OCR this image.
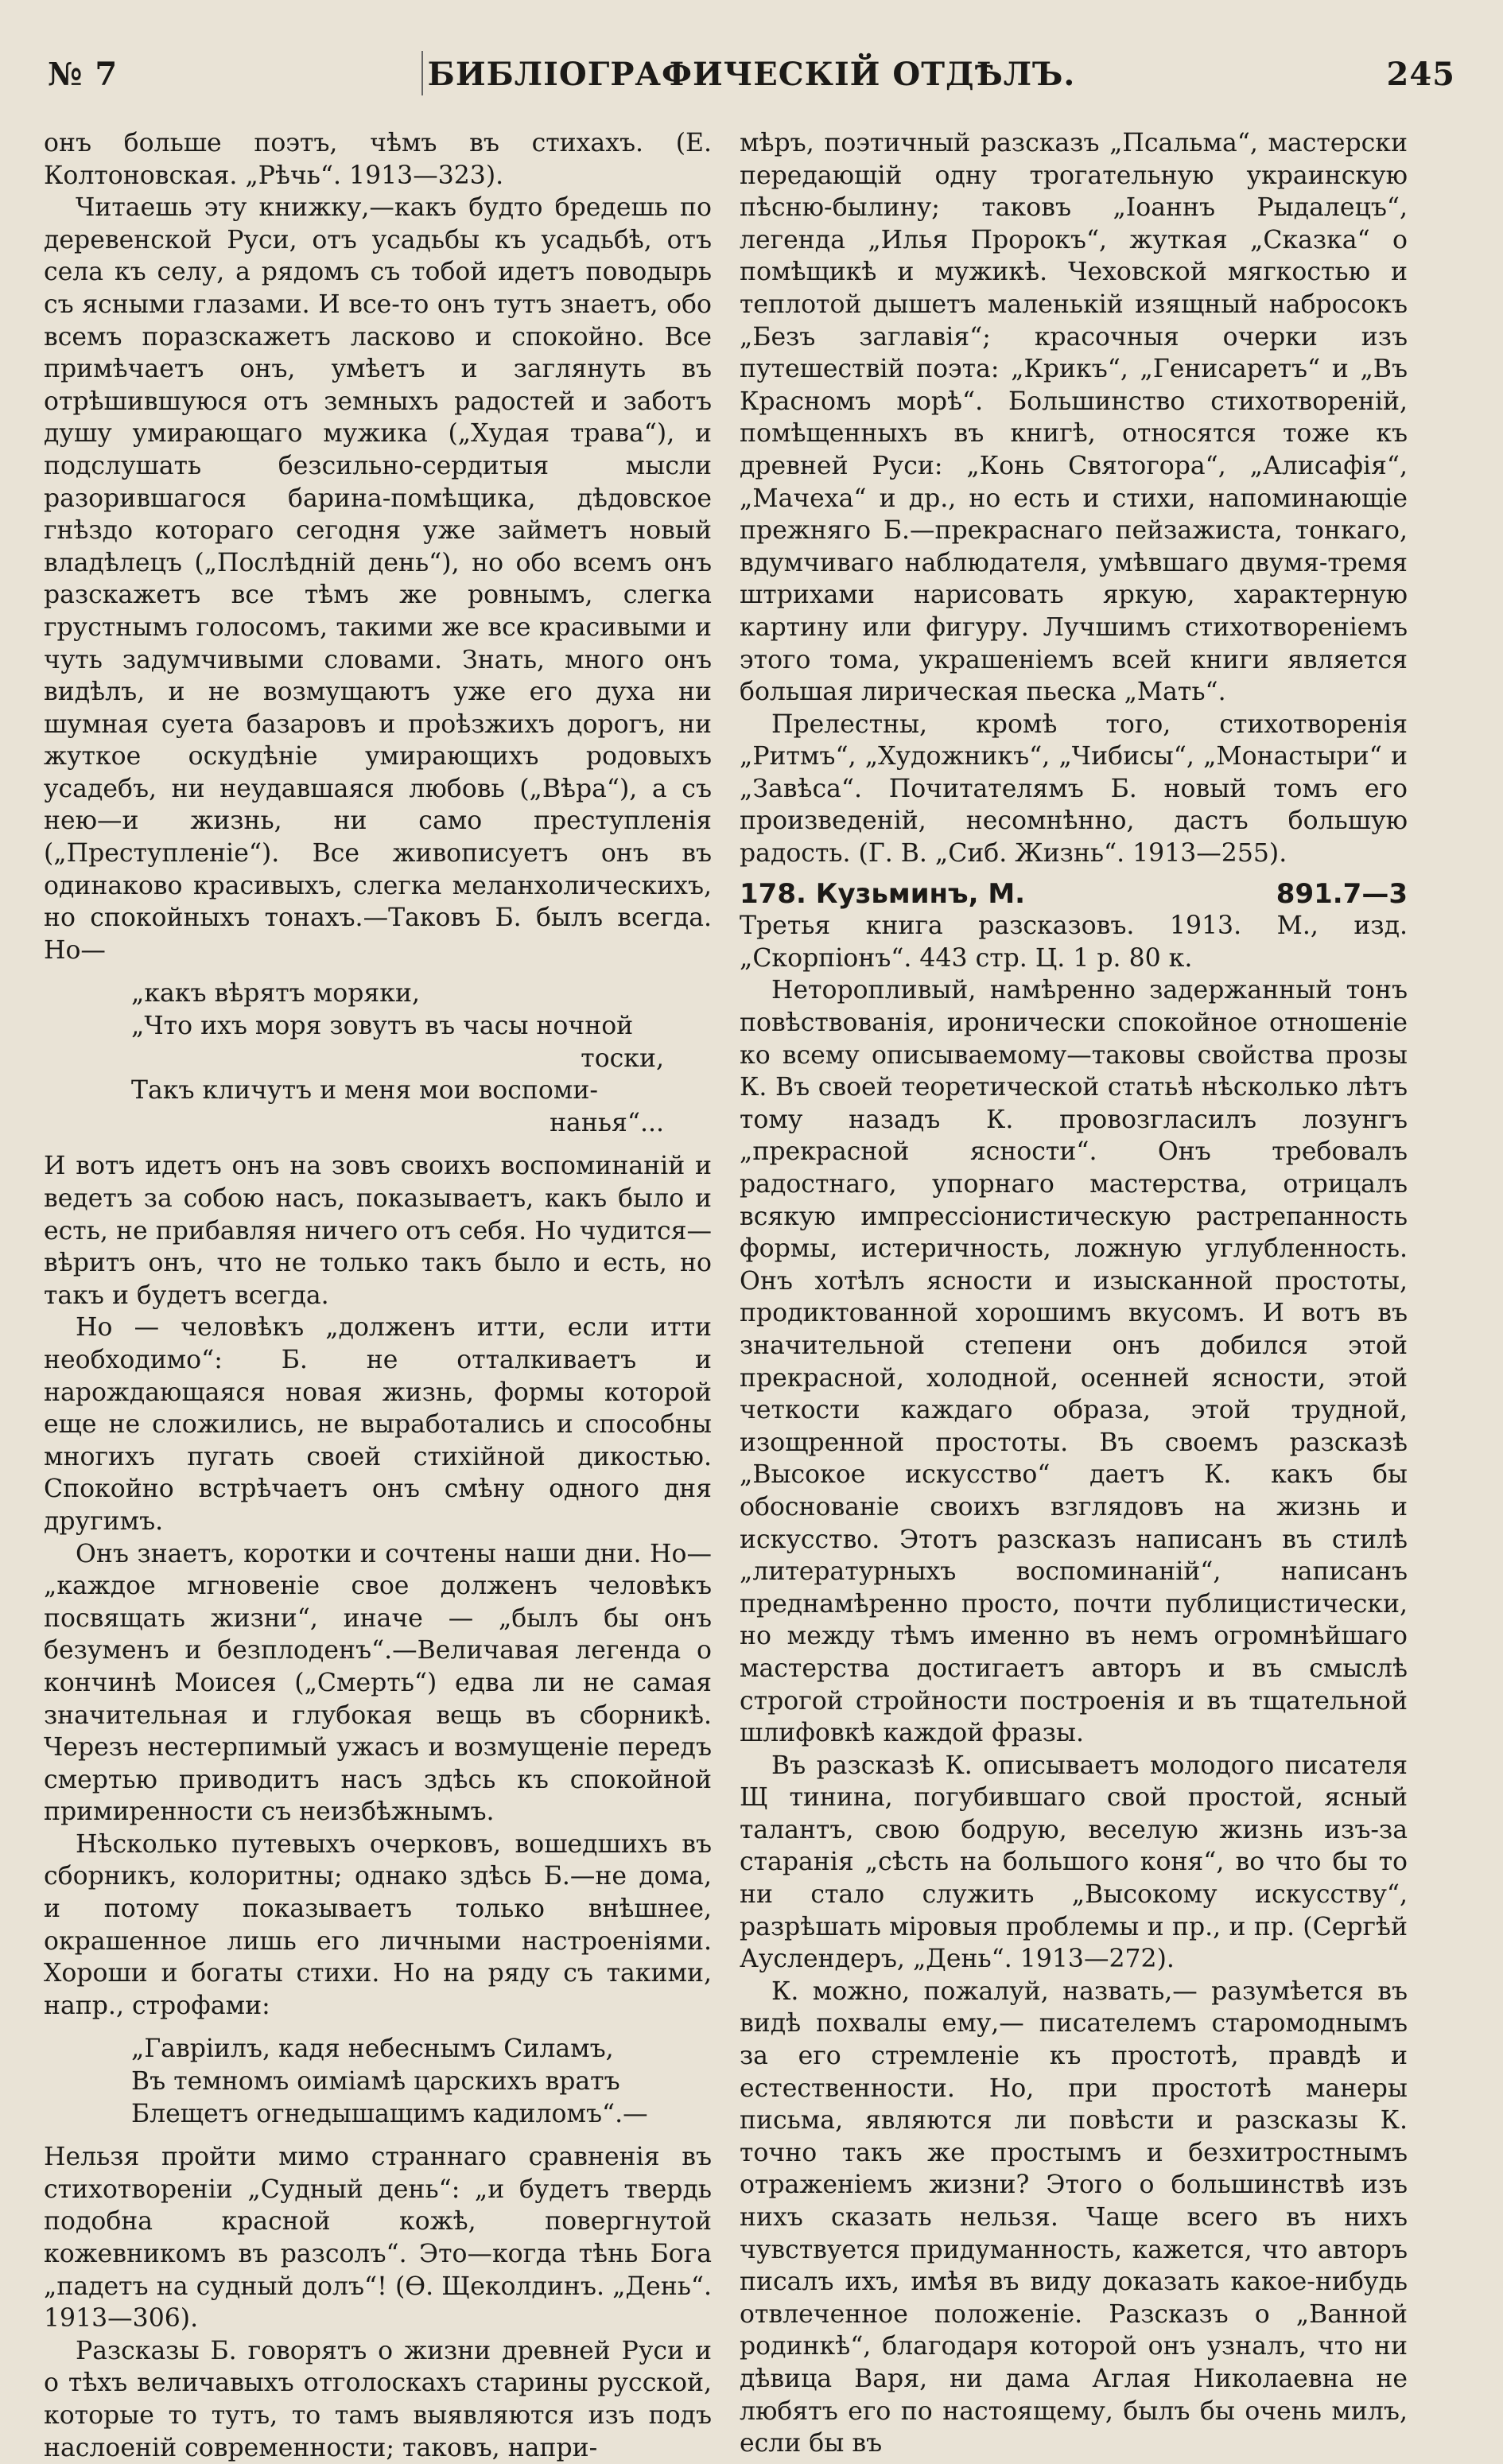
№ 7	БИБЛІОГРАФИЧЕСКІЙ ОТДѢЛЪ.	245

онъ больше поэтъ, чѣмъ въ стихахъ. (Е. Колтоновская. „Рѣчь“. 1913—323).

Читаешь эту книжку,—какъ будто бредешь по деревенской Руси, отъ усадьбы къ усадьбѣ, отъ села къ селу, а рядомъ съ тобой идетъ поводырь съ ясными глазами. И все-то онъ тутъ знаетъ, обо всемъ поразскажетъ ласково и спокойно. Все примѣчаетъ онъ, умѣетъ и заглянуть въ отрѣшившуюся отъ земныхъ радостей и заботъ душу умирающаго мужика („Худая трава“), и подслушать безсильно-сердитыя мысли разорившагося барина-помѣщика, дѣдовское гнѣздо котораго сегодня уже займетъ новый владѣлецъ („Послѣдній день“), но обо всемъ онъ разскажетъ все тѣмъ же ровнымъ, слегка грустнымъ голосомъ, такими же все красивыми и чуть задумчивыми словами. Знать, много онъ видѣлъ, и не возмущаютъ уже его духа ни шумная суета базаровъ и проѣзжихъ дорогъ, ни жуткое оскудѣніе умирающихъ родовыхъ усадебъ, ни неудавшаяся любовь („Вѣра“), а съ нею—и жизнь, ни само преступленія („Преступленіе“). Все живописуетъ онъ въ одинаково красивыхъ, слегка меланхолическихъ, но спокойныхъ тонахъ.—Таковъ Б. былъ всегда. Но—

„какъ вѣрятъ моряки,
„Что ихъ моря зовутъ въ часы ночной
тоски,
Такъ кличутъ и меня мои воспоми-
нанья“...

И вотъ идетъ онъ на зовъ своихъ воспоминаній и ведетъ за собою насъ, показываетъ, какъ было и есть, не прибавляя ничего отъ себя. Но чудится—вѣритъ онъ, что не только такъ было и есть, но такъ и будетъ всегда.

Но — человѣкъ „долженъ итти, если итти необходимо“: Б. не отталкиваетъ и нарождающаяся новая жизнь, формы которой еще не сложились, не выработались и способны многихъ пугать своей стихійной дикостью. Спокойно встрѣчаетъ онъ смѣну одного дня другимъ.

Онъ знаетъ, коротки и сочтены наши дни. Но—„каждое мгновеніе свое долженъ человѣкъ посвящать жизни“, иначе — „былъ бы онъ безуменъ и безплоденъ“.—Величавая легенда о кончинѣ Моисея („Смерть“) едва ли не самая значительная и глубокая вещь въ сборникѣ. Черезъ нестерпимый ужасъ и возмущеніе передъ смертью приводитъ насъ здѣсь къ спокойной примиренности съ неизбѣжнымъ.

Нѣсколько путевыхъ очерковъ, вошедшихъ въ сборникъ, колоритны; однако здѣсь Б.—не дома, и потому показываетъ только внѣшнее, окрашенное лишь его личными настроеніями. Хороши и богаты стихи. Но на ряду съ такими, напр., строфами:

„Гавріилъ, кадя небеснымъ Силамъ,
Въ темномъ оиміамѣ царскихъ вратъ
Блещетъ огнедышащимъ кадиломъ“.—

Нельзя пройти мимо страннаго сравненія въ стихотвореніи „Судный день“: „и будетъ твердь подобна красной кожѣ, повергнутой кожевникомъ въ разсолъ“. Это—когда тѣнь Бога „падетъ на судный долъ“! (Ѳ. Щеколдинъ. „День“. 1913—306).

Разсказы Б. говорятъ о жизни древней Руси и о тѣхъ величавыхъ отголоскахъ старины русской, которые то тутъ, то тамъ выявляются изъ подъ наслоеній современности; таковъ, напри-

мѣръ, поэтичный разсказъ „Псальма“, мастерски передающій одну трогательную украинскую пѣсню-былину; таковъ „Іоаннъ Рыдалецъ“, легенда „Илья Пророкъ“, жуткая „Сказка“ о помѣщикѣ и мужикѣ. Чеховской мягкостью и теплотой дышетъ маленькій изящный набросокъ „Безъ заглавія“; красочныя очерки изъ путешествій поэта: „Крикъ“, „Генисаретъ“ и „Въ Красномъ морѣ“. Большинство стихотвореній, помѣщенныхъ въ книгѣ, относятся тоже къ древней Руси: „Конь Святогора“, „Алисафія“, „Мачеха“ и др., но есть и стихи, напоминающіе прежняго Б.—прекраснаго пейзажиста, тонкаго, вдумчиваго наблюдателя, умѣвшаго двумя-тремя штрихами нарисовать яркую, характерную картину или фигуру. Лучшимъ стихотвореніемъ этого тома, украшеніемъ всей книги является большая лирическая пьеска „Мать“.

Прелестны, кромѣ того, стихотворенія „Ритмъ“, „Художникъ“, „Чибисы“, „Монастыри“ и „Завѣса“. Почитателямъ Б. новый томъ его произведеній, несомнѣнно, дастъ большую радость. (Г. В. „Сиб. Жизнь“. 1913—255).

178. Кузьминъ, М.	891.7—3

Третья книга разсказовъ. 1913. М., изд. „Скорпіонъ“. 443 стр. Ц. 1 р. 80 к.

Неторопливый, намѣренно задержанный тонъ повѣствованія, иронически спокойное отношеніе ко всему описываемому—таковы свойства прозы К. Въ своей теоретической статьѣ нѣсколько лѣтъ тому назадъ К. провозгласилъ лозунгъ „прекрасной ясности“. Онъ требовалъ радостнаго, упорнаго мастерства, отрицалъ всякую импрессіонистическую растрепанность формы, истеричность, ложную углубленность. Онъ хотѣлъ ясности и изысканной простоты, продиктованной хорошимъ вкусомъ. И вотъ въ значительной степени онъ добился этой прекрасной, холодной, осенней ясности, этой четкости каждаго образа, этой трудной, изощренной простоты. Въ своемъ разсказѣ „Высокое искусство“ даетъ К. какъ бы обоснованіе своихъ взглядовъ на жизнь и искусство. Этотъ разсказъ написанъ въ стилѣ „литературныхъ воспоминаній“, написанъ преднамѣренно просто, почти публицистически, но между тѣмъ именно въ немъ огромнѣйшаго мастерства достигаетъ авторъ и въ смыслѣ строгой стройности построенія и въ тщательной шлифовкѣ каждой фразы.

Въ разсказѣ К. описываетъ молодого писателя Щ тинина, погубившаго свой простой, ясный талантъ, свою бодрую, веселую жизнь изъ-за старанія „сѣсть на большого коня“, во что бы то ни стало служить „Высокому искусству“, разрѣшать міровыя проблемы и пр., и пр. (Сергѣй Ауслендеръ, „День“. 1913—272).

К. можно, пожалуй, назвать,— разумѣется въ видѣ похвалы ему,— писателемъ старомоднымъ за его стремленіе къ простотѣ, правдѣ и естественности. Но, при простотѣ манеры письма, являются ли повѣсти и разсказы К. точно такъ же простымъ и безхитростнымъ отраженіемъ жизни? Этого о большинствѣ изъ нихъ сказать нельзя. Чаще всего въ нихъ чувствуется придуманность, кажется, что авторъ писалъ ихъ, имѣя въ виду доказать какое-нибудь отвлеченное положеніе. Разсказъ о „Ванной родинкѣ“, благодаря которой онъ узналъ, что ни дѣвица Варя, ни дама Аглая Николаевна не любятъ его по настоящему, былъ бы очень милъ, если бы въ
